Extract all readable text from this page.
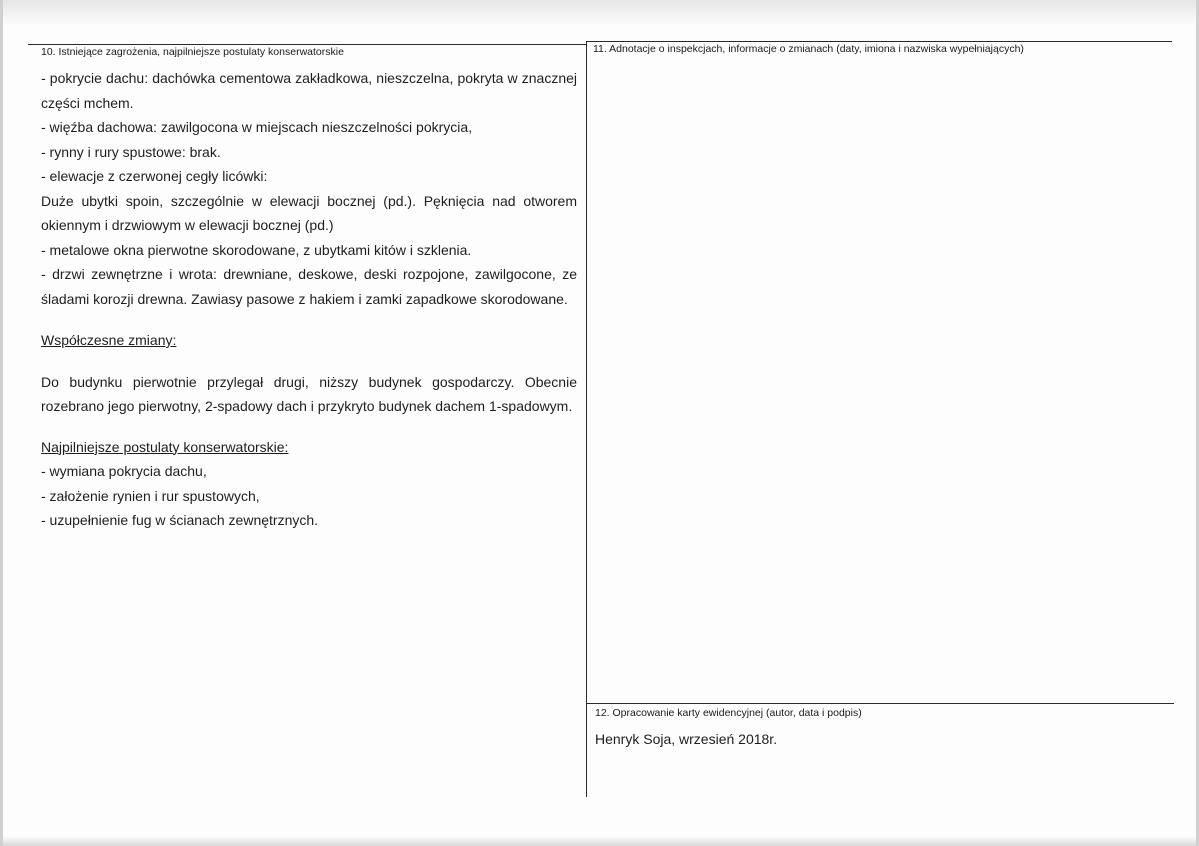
10. Istniejące zagrożenia, najpilniejsze postulaty konserwatorskie	11. Adnotacje o inspekcjach, informacje o zmianach (daty, imiona i nazwiska wypełniających)
12. Opracowanie karty ewidencyjnej (autor, data i podpis)

- pokrycie dachu: dachówka cementowa zakładkowa, nieszczelna, pokryta w znacznej części mchem.

- więźba dachowa: zawilgocona w miejscach nieszczelności pokrycia,

- rynny i rury spustowe: brak.

- elewacje z czerwonej cegły licówki:

Duże ubytki spoin, szczególnie w elewacji bocznej (pd.). Pęknięcia nad otworem okiennym i drzwiowym w elewacji bocznej (pd.)

- metalowe okna pierwotne skorodowane, z ubytkami kitów i szklenia.

- drzwi zewnętrzne i wrota: drewniane, deskowe, deski rozpojone, zawilgocone, ze śladami korozji drewna. Zawiasy pasowe z hakiem i zamki zapadkowe skorodowane.

Współczesne zmiany:

Do budynku pierwotnie przylegał drugi, niższy budynek gospodarczy. Obecnie rozebrano jego pierwotny, 2-spadowy dach i przykryto budynek dachem 1-spadowym.

Najpilniejsze postulaty konserwatorskie:

- wymiana pokrycia dachu,

- założenie rynien i rur spustowych,

- uzupełnienie fug w ścianach zewnętrznych.

Henryk Soja, wrzesień 2018r.
